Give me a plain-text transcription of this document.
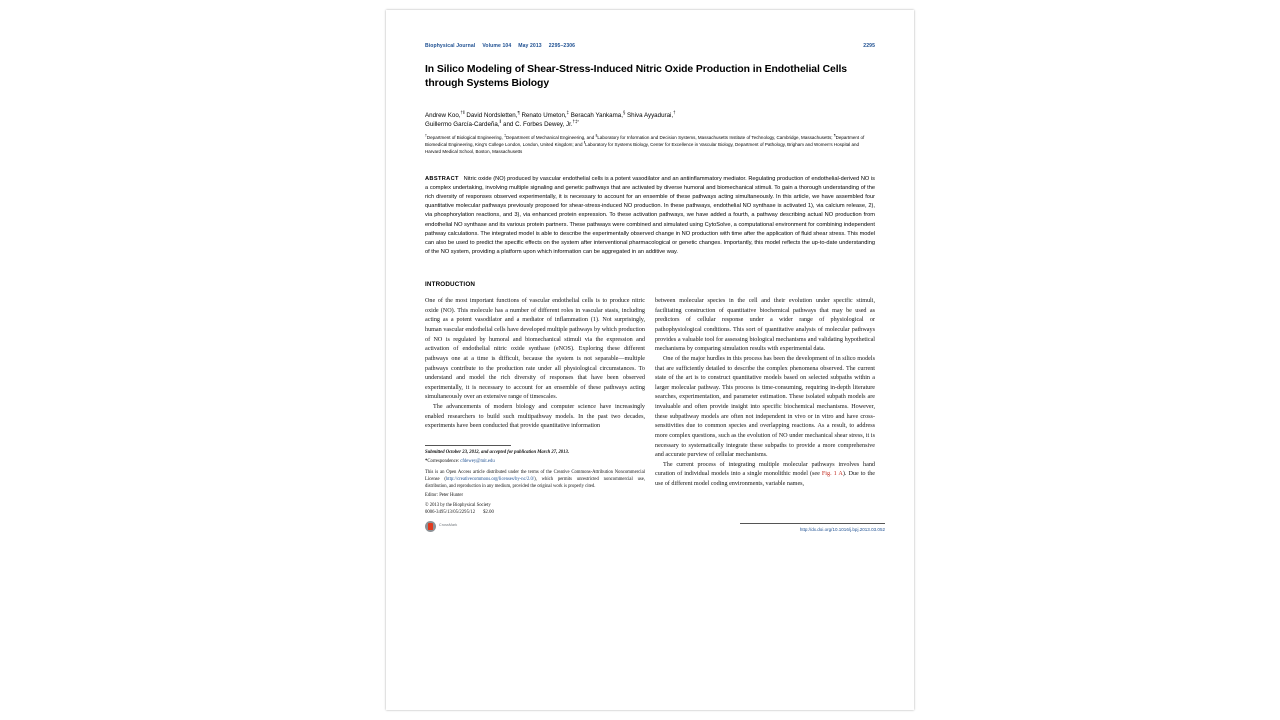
Biophysical Journal Volume 104 May 2013 2295–2306	2295
In Silico Modeling of Shear-Stress-Induced Nitric Oxide Production in Endothelial Cells through Systems Biology
Andrew Koo,†‖ David Nordsletten,¶ Renato Umeton,‡ Beracah Yankama,§ Shiva Ayyadurai,†
Guillermo García-Cardeña,‖ and C. Forbes Dewey, Jr.†‡*
†Department of Biological Engineering, ‡Department of Mechanical Engineering, and §Laboratory for Information and Decision Systems, Massachusetts Institute of Technology, Cambridge, Massachusetts; ¶Department of Biomedical Engineering, King's College London, London, United Kingdom; and ‖Laboratory for Systems Biology, Center for Excellence in Vascular Biology, Department of Pathology, Brigham and Women's Hospital and Harvard Medical School, Boston, Massachusetts
ABSTRACT Nitric oxide (NO) produced by vascular endothelial cells is a potent vasodilator and an antiinflammatory mediator. Regulating production of endothelial-derived NO is a complex undertaking, involving multiple signaling and genetic pathways that are activated by diverse humoral and biomechanical stimuli. To gain a thorough understanding of the rich diversity of responses observed experimentally, it is necessary to account for an ensemble of these pathways acting simultaneously. In this article, we have assembled four quantitative molecular pathways previously proposed for shear-stress-induced NO production. In these pathways, endothelial NO synthase is activated 1), via calcium release, 2), via phosphorylation reactions, and 3), via enhanced protein expression. To these activation pathways, we have added a fourth, a pathway describing actual NO production from endothelial NO synthase and its various protein partners. These pathways were combined and simulated using CytoSolve, a computational environment for combining independent pathway calculations. The integrated model is able to describe the experimentally observed change in NO production with time after the application of fluid shear stress. This model can also be used to predict the specific effects on the system after interventional pharmacological or genetic changes. Importantly, this model reflects the up-to-date understanding of the NO system, providing a platform upon which information can be aggregated in an additive way.
INTRODUCTION

One of the most important functions of vascular endothelial cells is to produce nitric oxide (NO). This molecule has a number of different roles in vascular stasis, including acting as a potent vasodilator and a mediator of inflammation (1). Not surprisingly, human vascular endothelial cells have developed multiple pathways by which production of NO is regulated by humoral and biomechanical stimuli via the expression and activation of endothelial nitric oxide synthase (eNOS). Exploring these different pathways one at a time is difficult, because the system is not separable—multiple pathways contribute to the production rate under all physiological circumstances. To understand and model the rich diversity of responses that have been observed experimentally, it is necessary to account for an ensemble of these pathways acting simultaneously over an extensive range of timescales.

The advancements of modern biology and computer science have increasingly enabled researchers to build such multipathway models. In the past two decades, experiments have been conducted that provide quantitative information

Submitted October 23, 2012, and accepted for publication March 27, 2013.
*Correspondence: cfdewey@mit.edu
This is an Open Access article distributed under the terms of the Creative Commons-Attribution Noncommercial License (http://creativecommons.org/licenses/by-nc/2.0/), which permits unrestricted noncommercial use, distribution, and reproduction in any medium, provided the original work is properly cited.
Editor: Peter Hunter
© 2013 by the Biophysical Society
0006-3495/13/05/2295/12 $2.00
CrossMark

between molecular species in the cell and their evolution under specific stimuli, facilitating construction of quantitative biochemical pathways that may be used as predictors of cellular response under a wider range of physiological or pathophysiological conditions. This sort of quantitative analysis of molecular pathways provides a valuable tool for assessing biological mechanisms and validating hypothetical mechanisms by comparing simulation results with experimental data.

One of the major hurdles in this process has been the development of in silico models that are sufficiently detailed to describe the complex phenomena observed. The current state of the art is to construct quantitative models based on selected subpaths within a larger molecular pathway. This process is time-consuming, requiring in-depth literature searches, experimentation, and parameter estimation. These isolated subpath models are invaluable and often provide insight into specific biochemical mechanisms. However, these subpathway models are often not independent in vivo or in vitro and have cross-sensitivities due to common species and overlapping reactions. As a result, to address more complex questions, such as the evolution of NO under mechanical shear stress, it is necessary to systematically integrate these subpaths to provide a more comprehensive and accurate purview of cellular mechanisms.

The current process of integrating multiple molecular pathways involves hand curation of individual models into a single monolithic model (see Fig. 1 A). Due to the use of different model coding environments, variable names,

http://dx.doi.org/10.1016/j.bpj.2013.03.052
